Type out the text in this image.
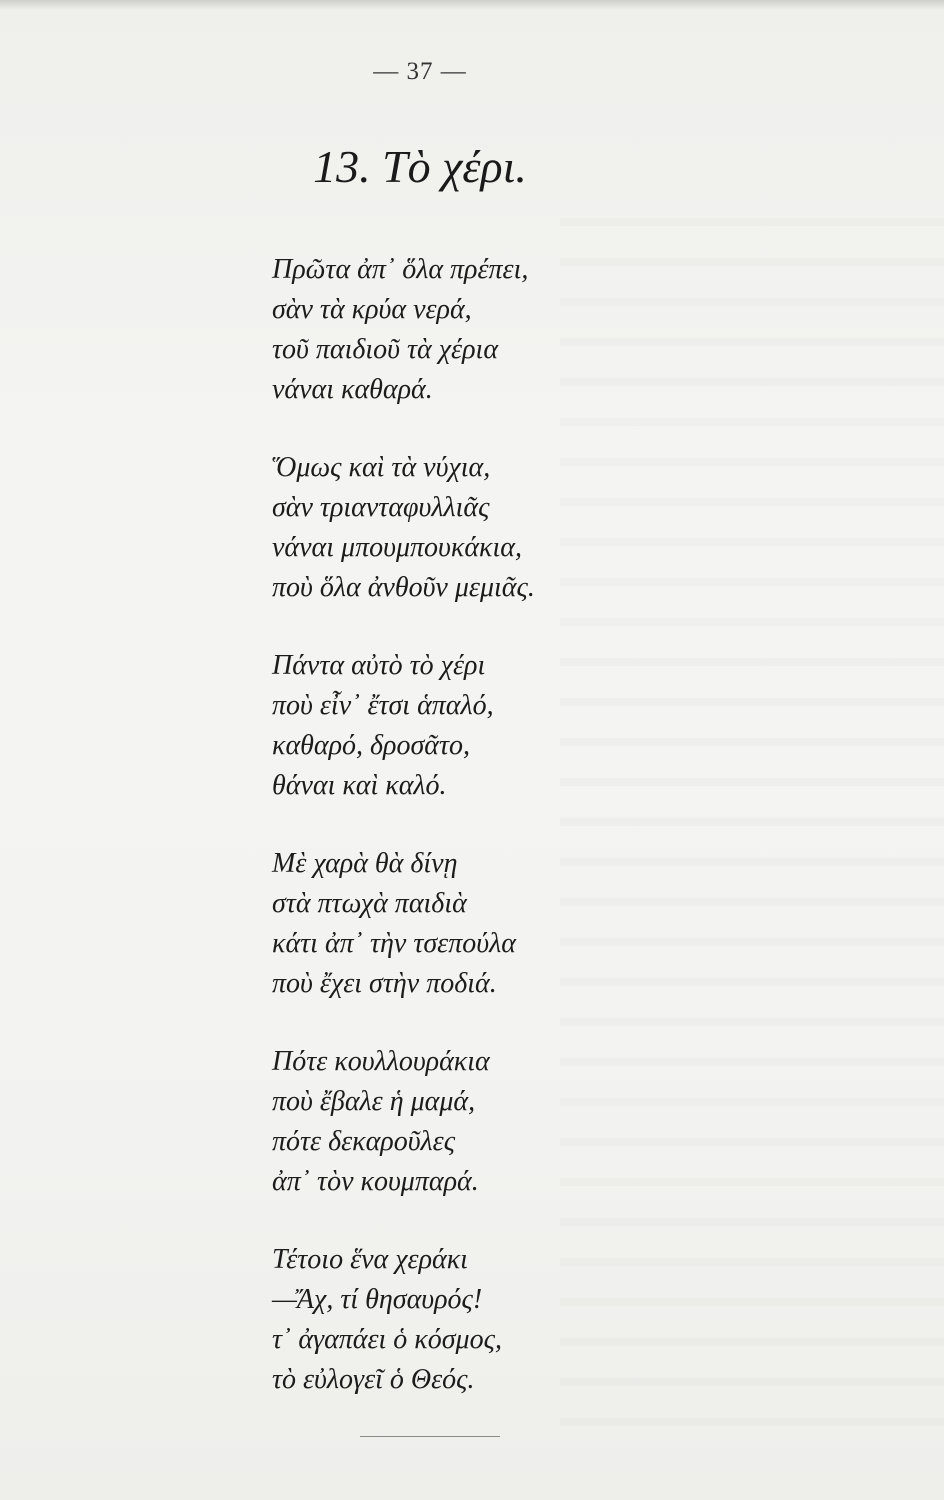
— 37 —
13. Τὸ χέρι.
Πρῶτα ἀπ᾿ ὅλα πρέπει,
σὰν τὰ κρύα νερά,
τοῦ παιδιοῦ τὰ χέρια
νάναι καθαρά.
Ὅμως καὶ τὰ νύχια,
σὰν τριανταφυλλιᾶς
νάναι μπουμπουκάκια,
ποὺ ὅλα ἀνθοῦν μεμιᾶς.
Πάντα αὐτὸ τὸ χέρι
ποὺ εἶν᾿ ἔτσι ἁπαλό,
καθαρό, δροσᾶτο,
θάναι καὶ καλό.
Μὲ χαρὰ θὰ δίνῃ
στὰ πτωχὰ παιδιὰ
κάτι ἀπ᾿ τὴν τσεπούλα
ποὺ ἔχει στὴν ποδιά.
Πότε κουλλουράκια
ποὺ ἔβαλε ἡ μαμά,
πότε δεκαροῦλες
ἀπ᾿ τὸν κουμπαρά.
Τέτοιο ἕνα χεράκι
—Ἄχ, τί θησαυρός!
τ᾿ ἀγαπάει ὁ κόσμος,
τὸ εὐλογεῖ ὁ Θεός.
